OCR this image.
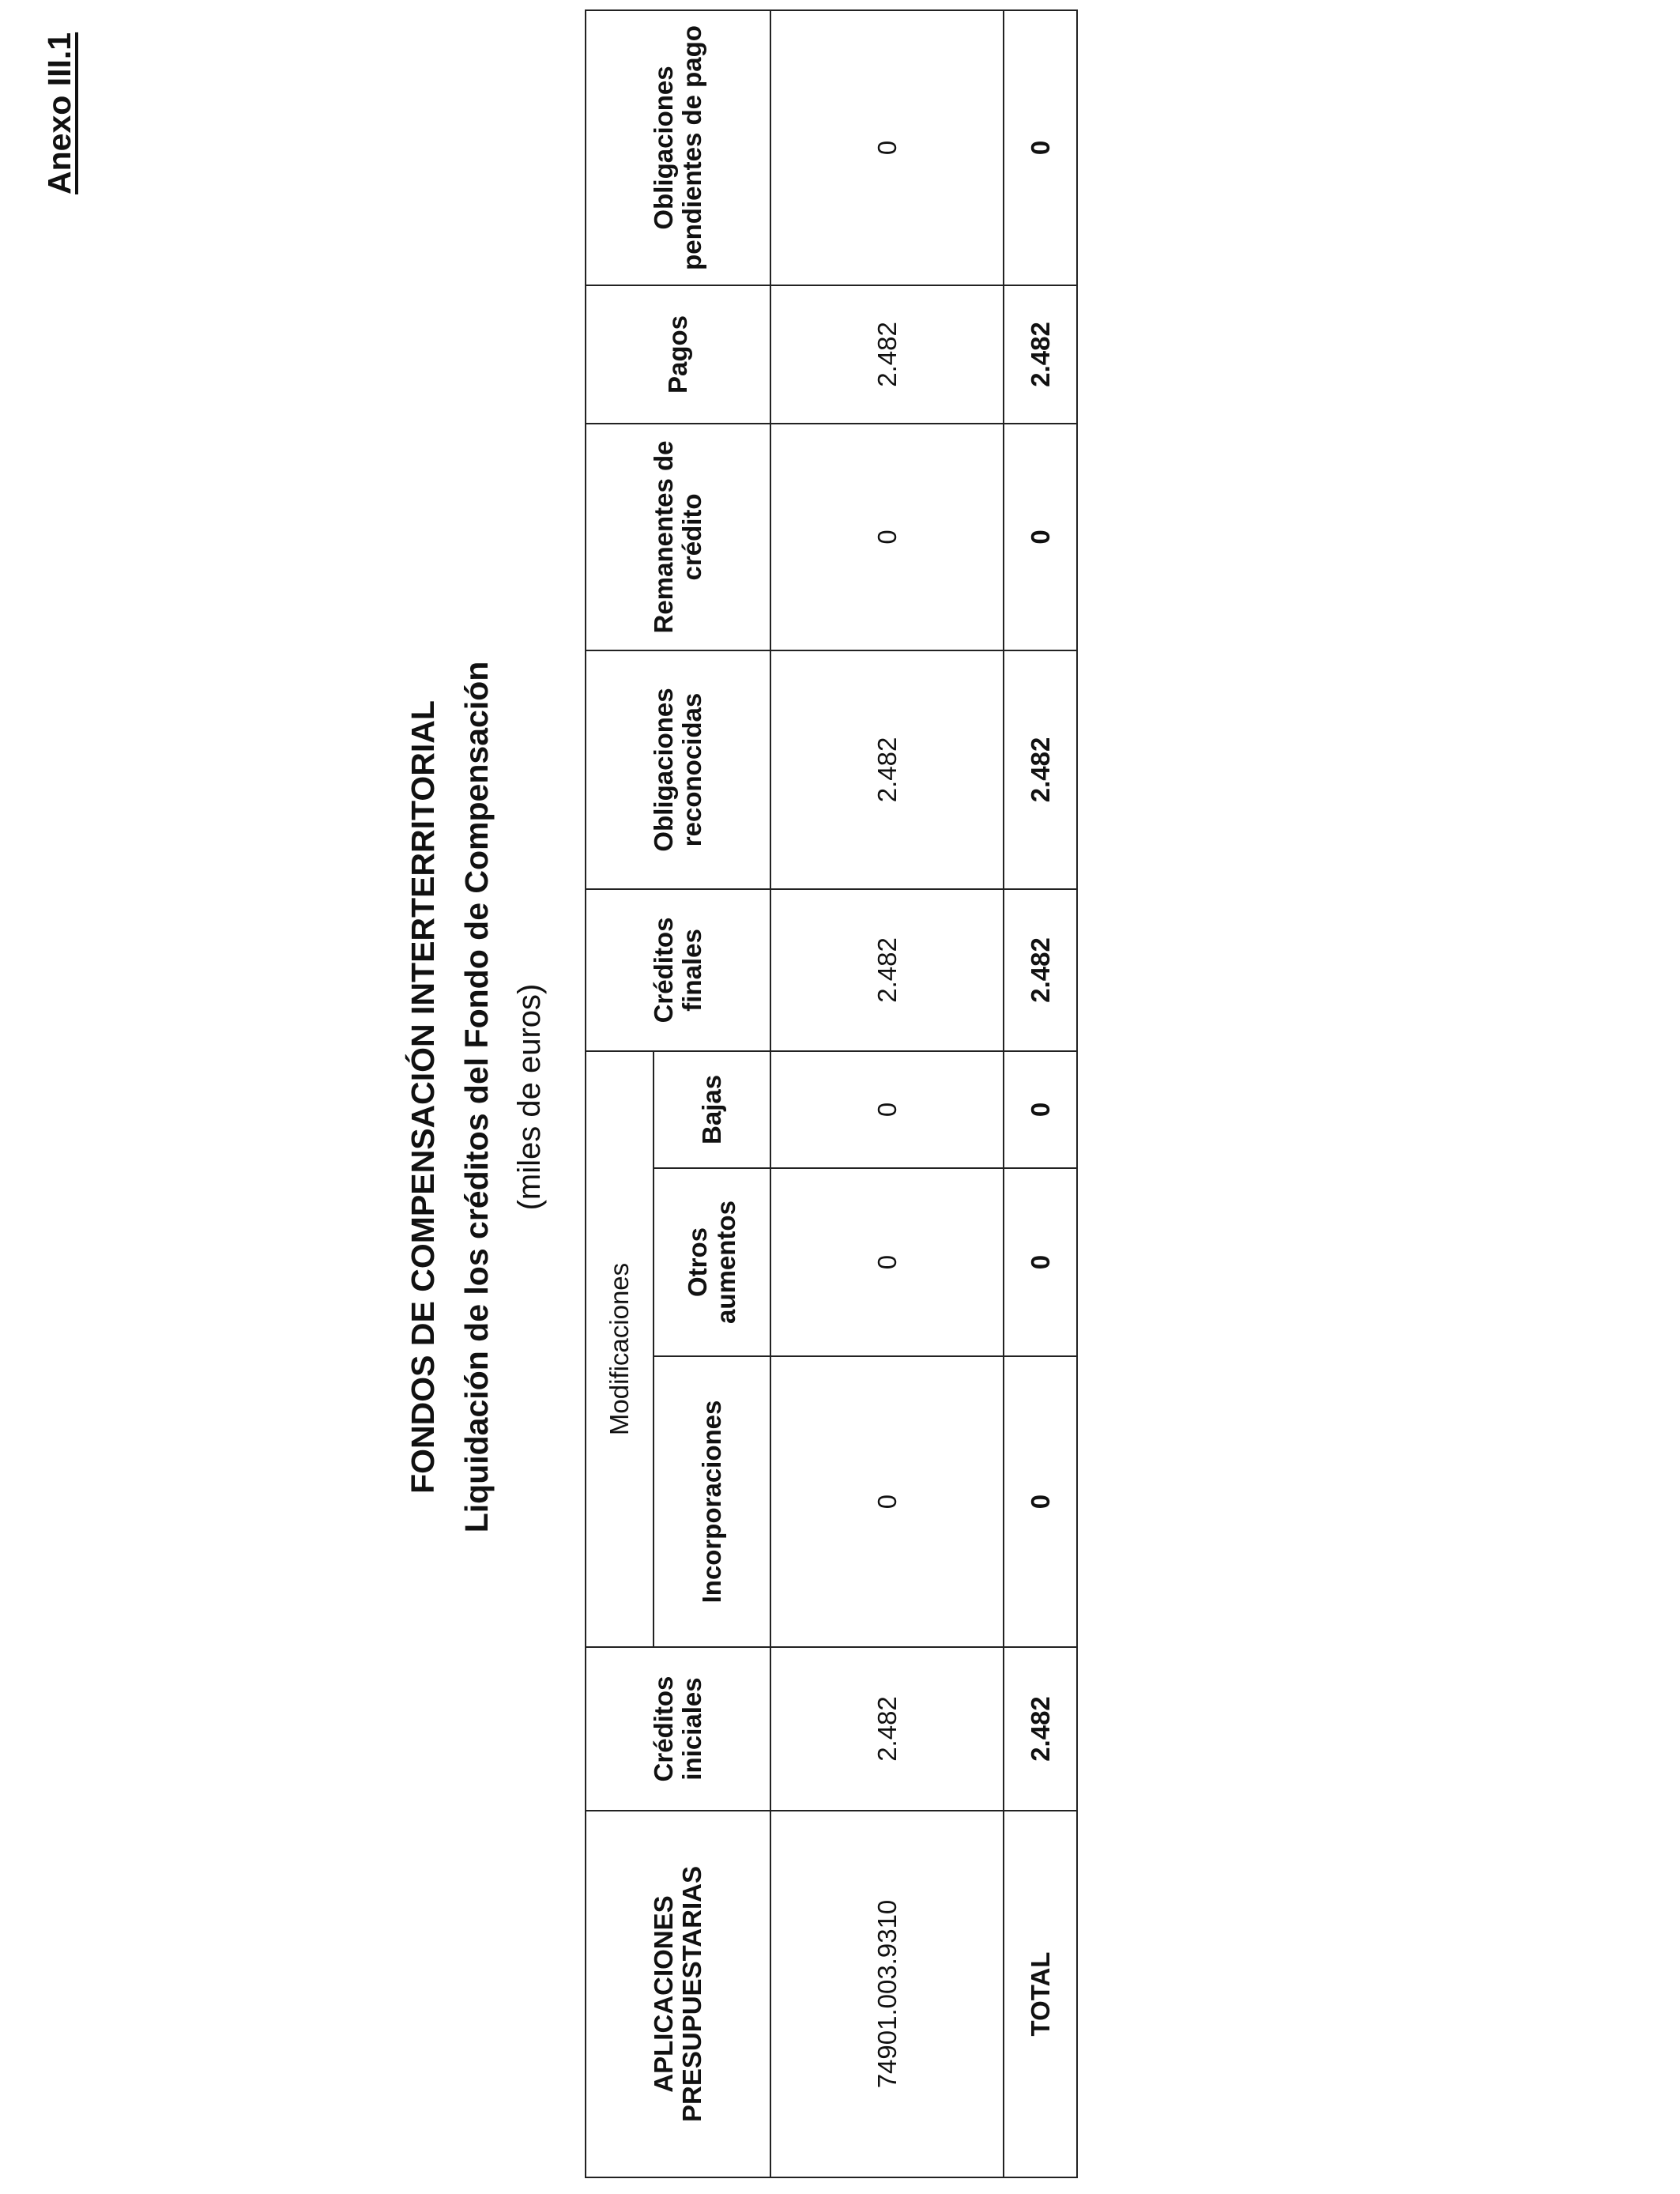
Anexo III.1
FONDOS DE COMPENSACIÓN INTERTERRITORIAL Liquidación de los créditos del Fondo de Compensación (miles de euros)
APLICACIONES PRESUPUESTARIAS	Créditos iniciales	Modificaciones			Créditos finales	Obligaciones reconocidas	Remanentes de crédito	Pagos	Obligaciones pendientes de pago
		Incorporaciones	Otros aumentos	Bajas					
74901.003.9310	2.482	0	0	0	2.482	2.482	0	2.482	0
TOTAL	2.482	0	0	0	2.482	2.482	0	2.482	0
